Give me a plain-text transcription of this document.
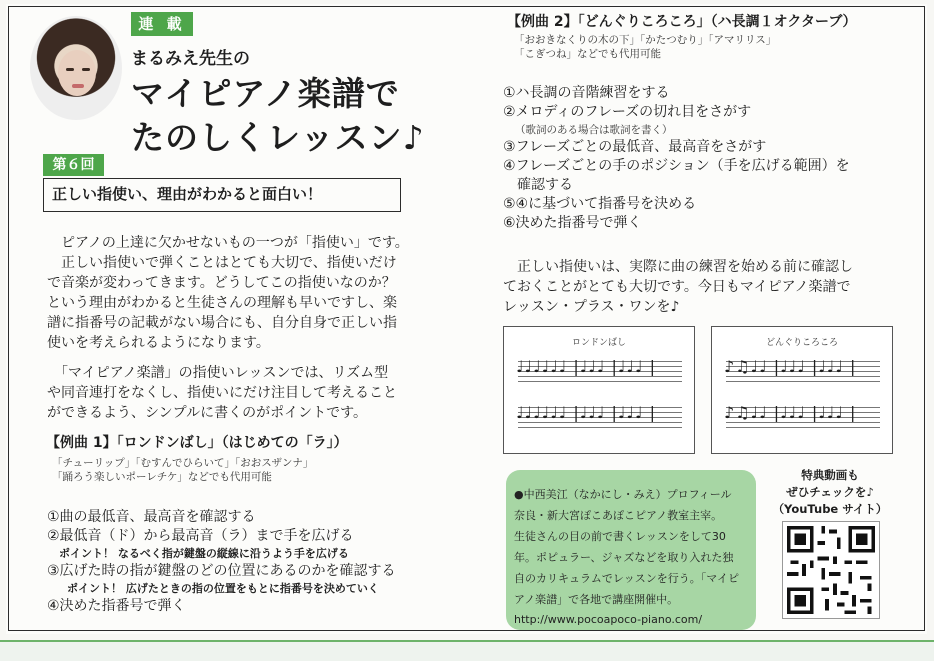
連 載
まるみえ先生の
マイピアノ楽譜で
たのしくレッスン♪
第６回
正しい指使い、理由がわかると面白い！
　ピアノの上達に欠かせないもの一つが「指使い」です。
　正しい指使いで弾くことはとても大切で、指使いだけ
で音楽が変わってきます。どうしてこの指使いなのか？
という理由がわかると生徒さんの理解も早いですし、楽
譜に指番号の記載がない場合にも、自分自身で正しい指
使いを考えられるようになります。
　「マイピアノ楽譜」の指使いレッスンでは、リズム型
や同音連打をなくし、指使いにだけ注目して考えること
ができるよう、シンプルに書くのがポイントです。
【例曲 1】「ロンドンばし」（はじめての「ラ」）
「チューリップ」「むすんでひらいて」「おおスザンナ」
「踊ろう楽しいポーレチケ」などでも代用可能
①曲の最低音、最高音を確認する
②最低音（ド）から最高音（ラ）まで手を広げる
ポイント！ なるべく指が鍵盤の縦線に沿うよう手を広げる
③広げた時の指が鍵盤のどの位置にあるのかを確認する
ポイント！ 広げたときの指の位置をもとに指番号を決めていく
④決めた指番号で弾く
【例曲 2】「どんぐりころころ」（ハ長調１オクターブ）
「おおきなくりの木の下」「かたつむり」「アマリリス」
「こぎつね」などでも代用可能
①ハ長調の音階練習をする
②メロディのフレーズの切れ目をさがす
（歌詞のある場合は歌詞を書く）
③フレーズごとの最低音、最高音をさがす
④フレーズごとの手のポジション（手を広げる範囲）を
　確認する
⑤④に基づいて指番号を決める
⑥決めた指番号で弾く
　正しい指使いは、実際に曲の練習を始める前に確認し
ておくことがとても大切です。今日もマイピアノ楽譜で
レッスン・プラス・ワンを♪
ロンドンばし
♩♩♩♩♩♩ |♩♩♩ |♩♩♩ |
♩♩♩♩♩♩ |♩♩♩ |♩♩♩ |
どんぐりころころ
♪♫♩♩ |♩♩♩ |♩♩♩ |
♪♫♩♩ |♩♩♩ |♩♩♩ |

●中西美江（なかにし・みえ）プロフィール

奈良・新大宮ぽこあぽこピアノ教室主宰。

生徒さんの目の前で書くレッスンをして30

年。ポピュラー、ジャズなどを取り入れた独

自のカリキュラムでレッスンを行う。「マイピ

アノ楽譜」で各地で講座開催中。

http://www.pocoapoco-piano.com/

特典動画も
ぜひチェックを♪
（YouTube サイト）
